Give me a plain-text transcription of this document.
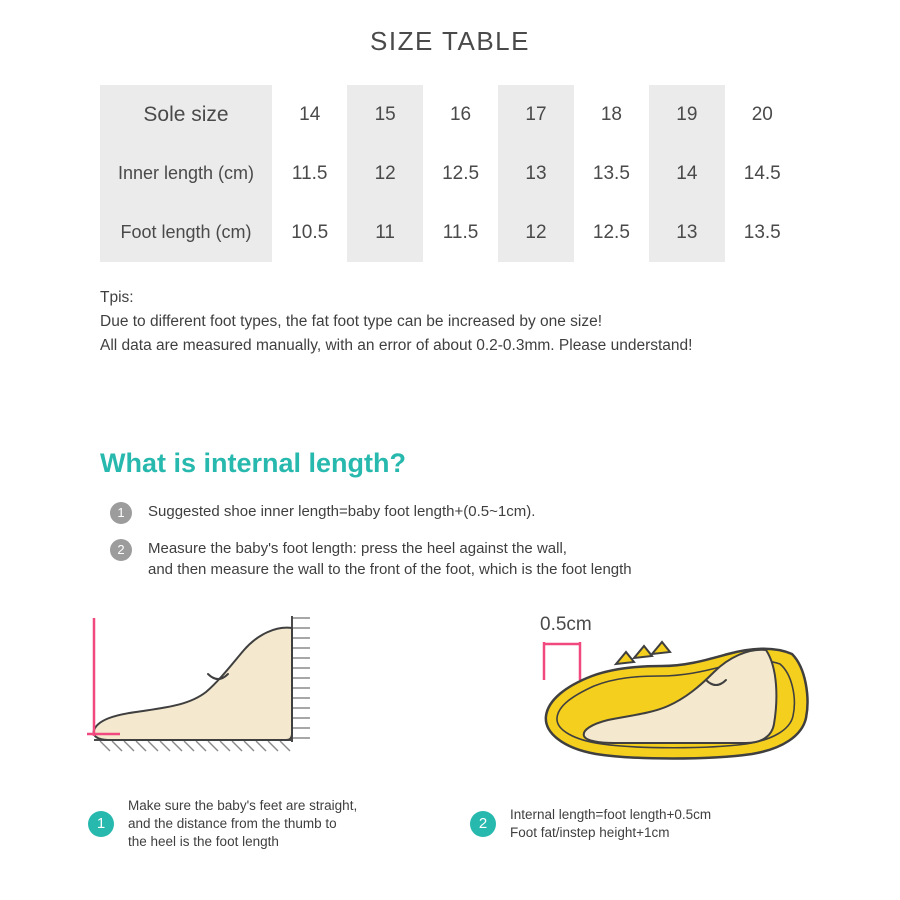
SIZE TABLE
Sole size	14	15	16	17	18	19	20
Inner length (cm)	11.5	12	12.5	13	13.5	14	14.5
Foot length (cm)	10.5	11	11.5	12	12.5	13	13.5
Tpis:
Due to different foot types, the fat foot type can be increased by one size!
All data are measured manually, with an error of about 0.2-0.3mm. Please understand!
What is internal length?
1	Suggested shoe inner length=baby foot length+(0.5~1cm).
2	Measure the baby's foot length: press the heel against the wall,
and then measure the wall to the front of the foot, which is the foot length
0.5cm
1
Make sure the baby's feet are straight,
and the distance from the thumb to
the heel is the foot length
2
Internal length=foot length+0.5cm
Foot fat/instep height+1cm
